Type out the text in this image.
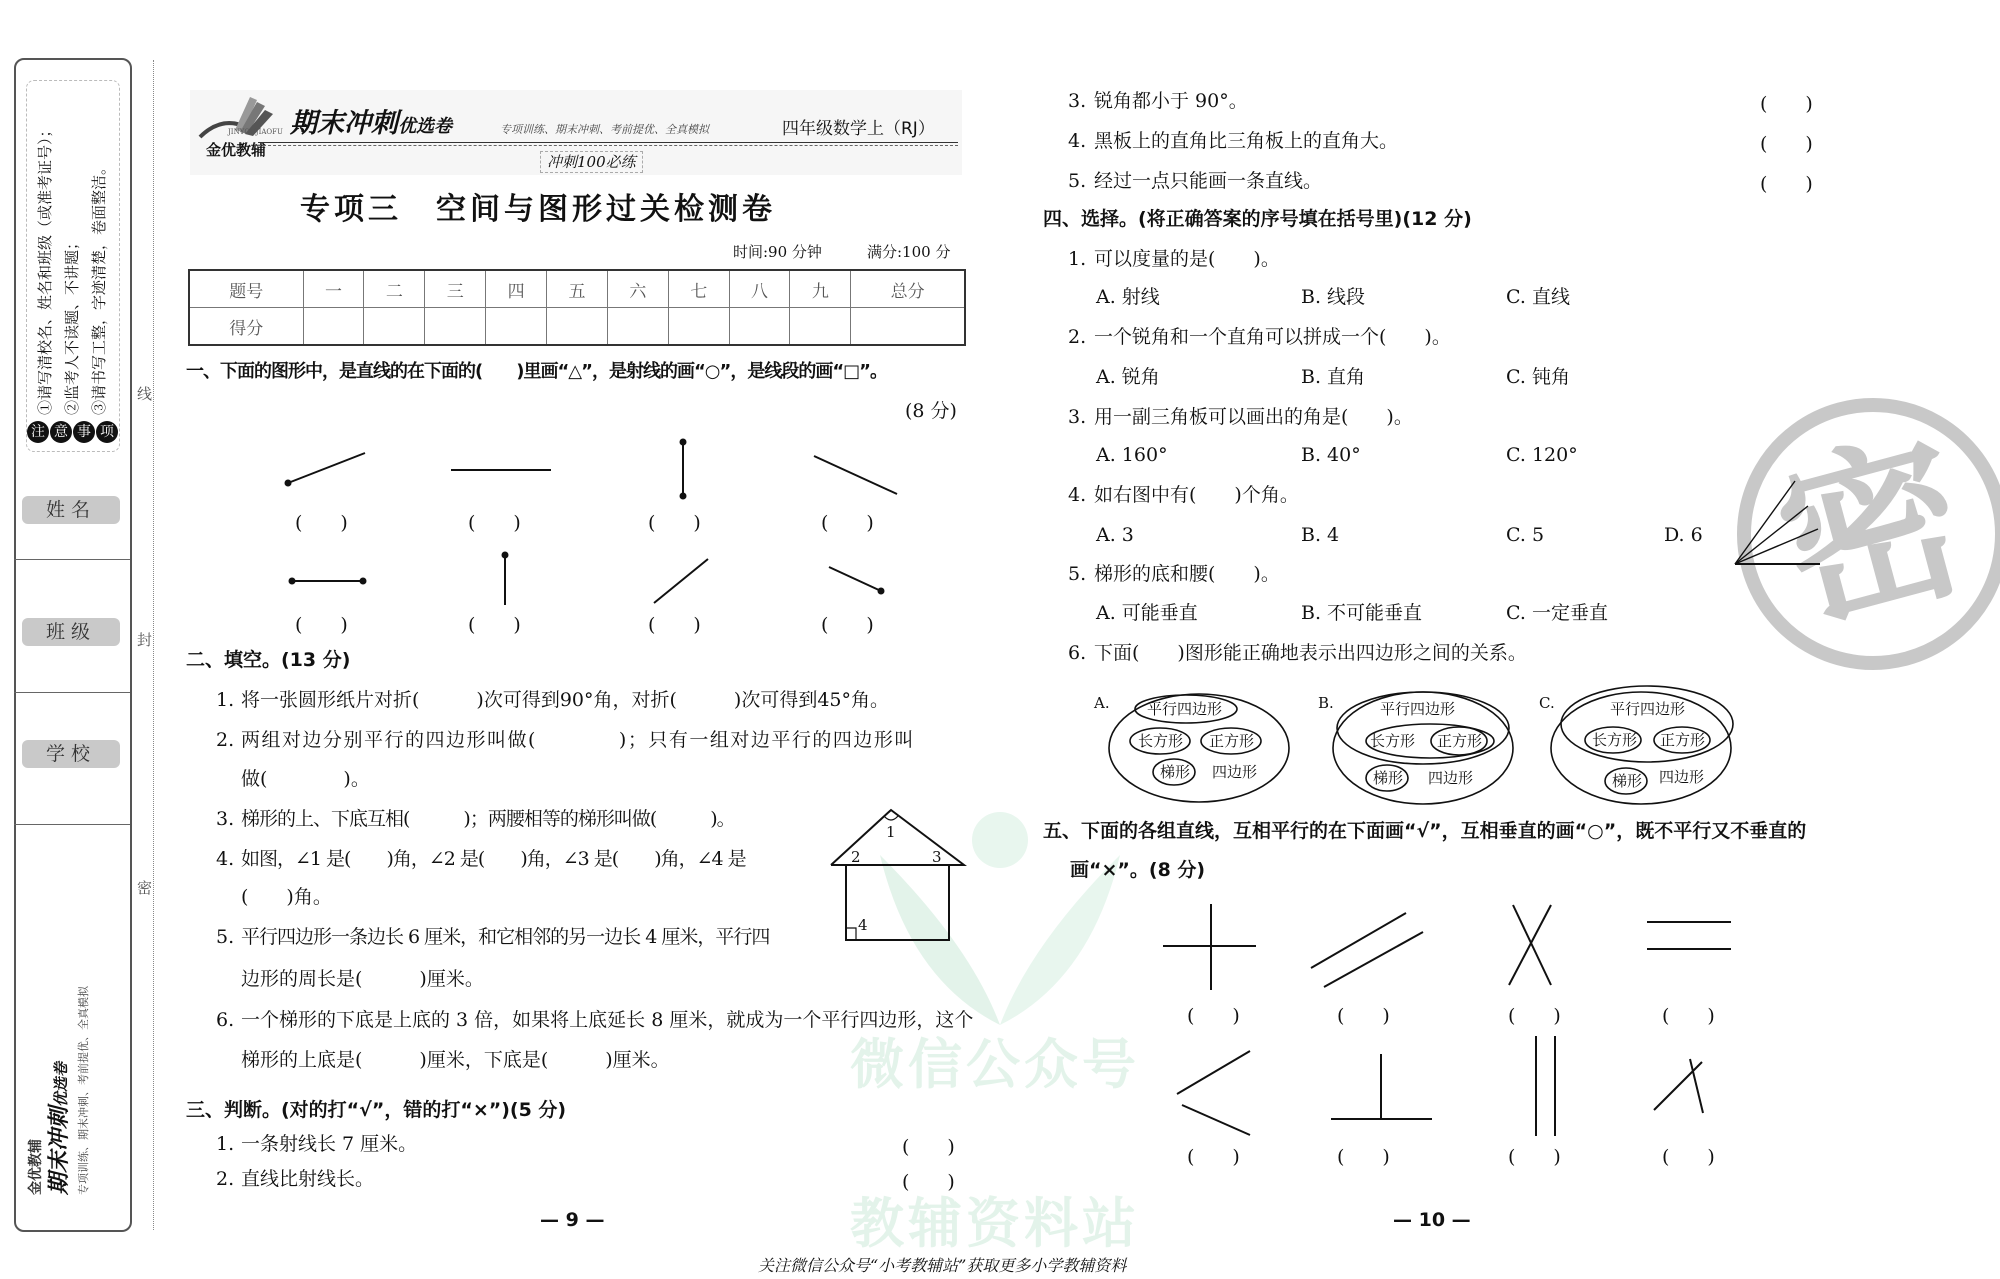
微信公众号
教辅资料站
①请写清校名、姓名和班级（或准考证号）； ②监考人不读题、不讲题； ③请书写工整，字迹清楚，卷面整洁。
注 意 事 项
姓名
班级
学校
金优教辅 期末冲刺优选卷 专项训练、期末冲刺、考前提优、全真模拟
线
封
密
金优教辅
JINYOUJIAOFU 期末冲刺优选卷	专项训练、期末冲刺、考前提优、全真模拟	四年级数学上（RJ）
冲刺100必练
专项三　空间与图形过关检测卷
时间:90 分钟	满分:100 分
题号	一	二	三	四	五	六	七	八	九	总分
得分										
一、下面的图形中，是直线的在下面的(　　)里画“△”，是射线的画“○”，是线段的画“□”。
(8 分)
(　　)	(　　)	(　　)	(　　)
(　　)	(　　)	(　　)	(　　)
二、填空。(13 分)
1. 将一张圆形纸片对折(　　　)次可得到90°角，对折(　　　)次可得到45°角。
2. 两组对边分别平行的四边形叫做(　　　　)；只有一组对边平行的四边形叫
做(　　　　)。
3. 梯形的上、下底互相(　　　)；两腰相等的梯形叫做(　　　)。
4. 如图，∠1 是(　　)角，∠2 是(　　)角，∠3 是(　　)角，∠4 是
(　　)角。
5. 平行四边形一条边长 6 厘米，和它相邻的另一边长 4 厘米，平行四
边形的周长是(　　　)厘米。
6. 一个梯形的下底是上底的 3 倍，如果将上底延长 8 厘米，就成为一个平行四边形，这个
梯形的上底是(　　　)厘米，下底是(　　　)厘米。
三、判断。(对的打“√”，错的打“×”)(5 分)
1. 一条射线长 7 厘米。	(　　)
2. 直线比射线长。	(　　)
— 9 —
3. 锐角都小于 90°。	(　　)
4. 黑板上的直角比三角板上的直角大。	(　　)
5. 经过一点只能画一条直线。	(　　)
密
四、选择。(将正确答案的序号填在括号里)(12 分)
1. 可以度量的是(　　)。
A. 射线	B. 线段	C. 直线
2. 一个锐角和一个直角可以拼成一个(　　)。
A. 锐角	B. 直角	C. 钝角
3. 用一副三角板可以画出的角是(　　)。
A. 160°	B. 40°	C. 120°
4. 如右图中有(　　)个角。
A. 3	B. 4	C. 5	D. 6
5. 梯形的底和腰(　　)。
A. 可能垂直	B. 不可能垂直	C. 一定垂直
6. 下面(　　)图形能正确地表示出四边形之间的关系。
五、下面的各组直线，互相平行的在下面画“√”，互相垂直的画“○”，既不平行又不垂直的
画“×”。(8 分)
(　　)	(　　)	(　　)	(　　)
(　　)	(　　)	(　　)	(　　)
— 10 —
关注微信公众号“小考教辅站”获取更多小学教辅资料
1
2	3
4
A. 平行四边形
长方形 正方形
梯形 四边形
B.	平行四边形
长方形 正方形
梯形 四边形
C.	平行四边形
长方形 正方形
梯形 四边形
